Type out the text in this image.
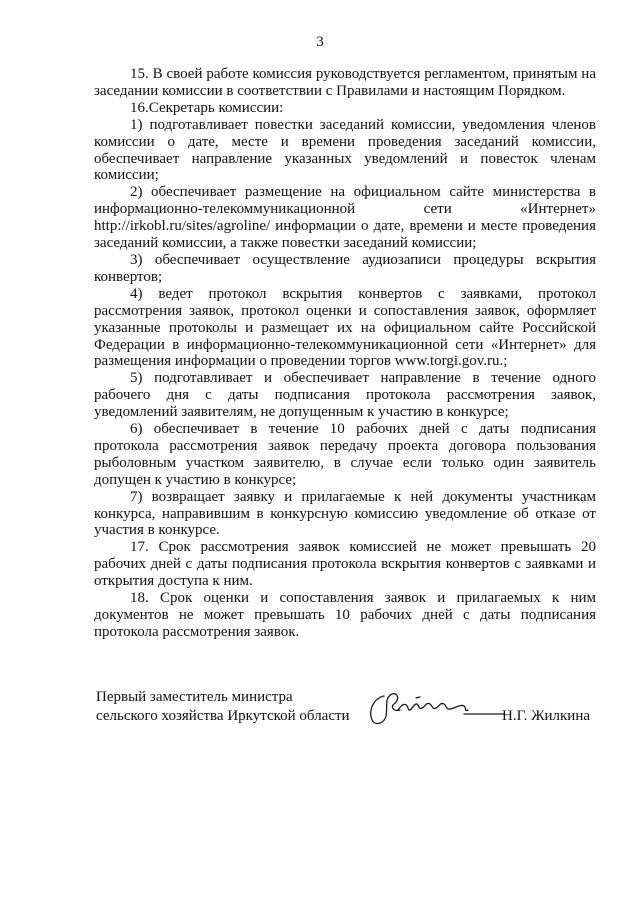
3

15. В своей работе комиссия руководствуется регламентом, принятым на заседании комиссии в соответствии с Правилами и настоящим Порядком.

16.Секретарь комиссии:

1) подготавливает повестки заседаний комиссии, уведомления членов комиссии о дате, месте и времени проведения заседаний комиссии, обеспечивает направление указанных уведомлений и повесток членам комиссии;

2) обеспечивает размещение на официальном сайте министерства в информационно-телекоммуникационной сети «Интернет» http://irkobl.ru/sites/agroline/ информации о дате, времени и месте проведения заседаний комиссии, а также повестки заседаний комиссии;

3) обеспечивает осуществление аудиозаписи процедуры вскрытия конвертов;

4) ведет протокол вскрытия конвертов с заявками, протокол рассмотрения заявок, протокол оценки и сопоставления заявок, оформляет указанные протоколы и размещает их на официальном сайте Российской Федерации в информационно-телекоммуникационной сети «Интернет» для размещения информации о проведении торгов www.torgi.gov.ru.;

5) подготавливает и обеспечивает направление в течение одного рабочего дня с даты подписания протокола рассмотрения заявок, уведомлений заявителям, не допущенным к участию в конкурсе;

6) обеспечивает в течение 10 рабочих дней с даты подписания протокола рассмотрения заявок передачу проекта договора пользования рыболовным участком заявителю, в случае если только один заявитель допущен к участию в конкурсе;

7) возвращает заявку и прилагаемые к ней документы участникам конкурса, направившим в конкурсную комиссию уведомление об отказе от участия в конкурсе.

17. Срок рассмотрения заявок комиссией не может превышать 20 рабочих дней с даты подписания протокола вскрытия конвертов с заявками и открытия доступа к ним.

18. Срок оценки и сопоставления заявок и прилагаемых к ним документов не может превышать 10 рабочих дней с даты подписания протокола рассмотрения заявок.

Первый заместитель министра
сельского хозяйства Иркутской области	Н.Г. Жилкина
